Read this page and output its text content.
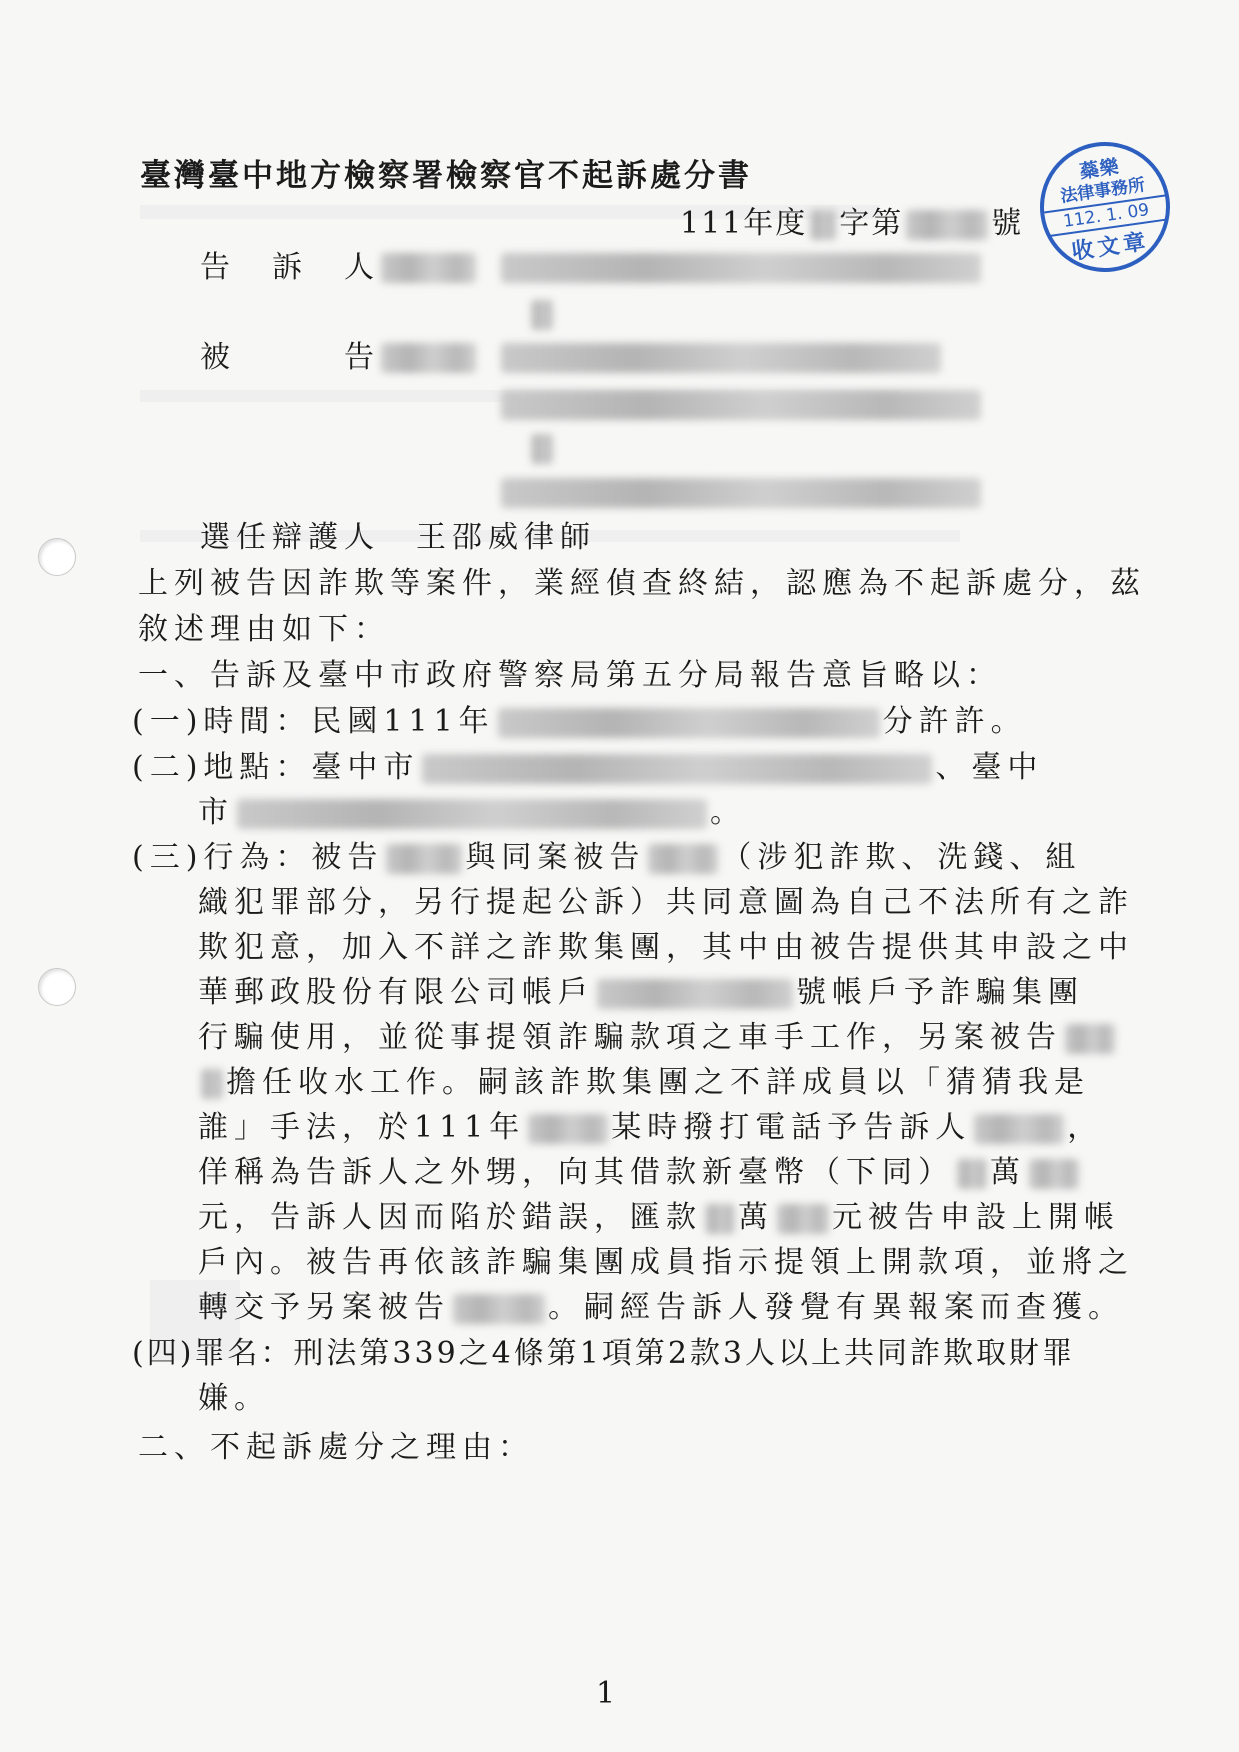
臺灣臺中地方檢察署檢察官不起訴處分書
111年度 字第	號
蘂樂
法律事務所
112. 1. 09
收文章
告　訴　人
被　　　告
選任辯護人　王邵威律師
上列被告因詐欺等案件，業經偵查終結，認應為不起訴處分，茲
敘述理由如下：
一、告訴及臺中市政府警察局第五分局報告意旨略以：
(一)時間：民國111年	分許許。
(二)地點：臺中市	、臺中
市	。
(三)行為：被告	與同案被告	（涉犯詐欺、洗錢、組
織犯罪部分，另行提起公訴）共同意圖為自己不法所有之詐
欺犯意，加入不詳之詐欺集團，其中由被告提供其申設之中
華郵政股份有限公司帳戶	號帳戶予詐騙集團
行騙使用，並從事提領詐騙款項之車手工作，另案被告
擔任收水工作。嗣該詐欺集團之不詳成員以「猜猜我是
誰」手法，於111年	某時撥打電話予告訴人	，
佯稱為告訴人之外甥，向其借款新臺幣（下同） 萬
元，告訴人因而陷於錯誤，匯款 萬 元被告申設上開帳
戶內。被告再依該詐騙集團成員指示提領上開款項，並將之
轉交予另案被告	。嗣經告訴人發覺有異報案而查獲。
(四)罪名：刑法第339之4條第1項第2款3人以上共同詐欺取財罪
嫌。
二、不起訴處分之理由：
1
